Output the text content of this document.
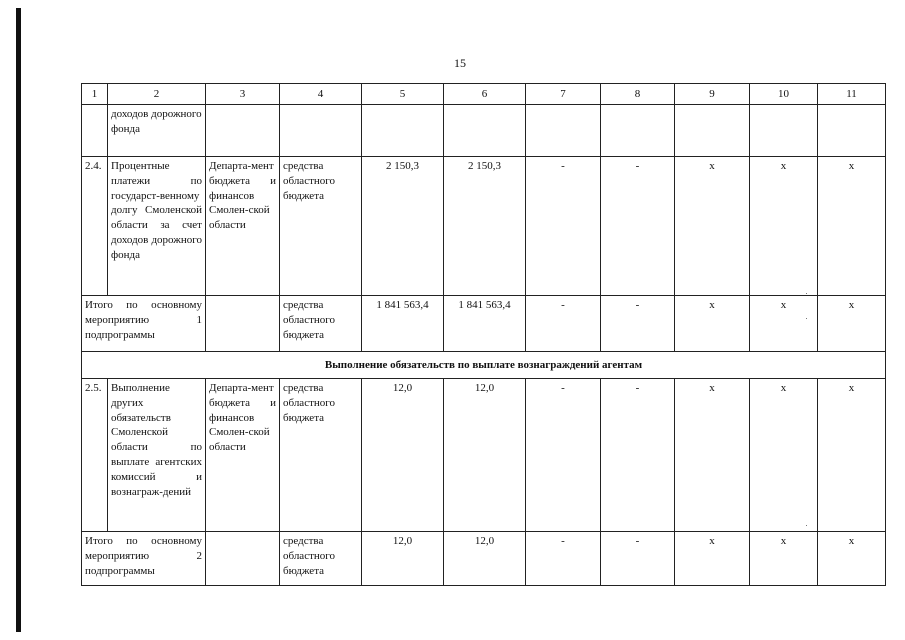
15
1	2	3	4	5	6	7	8	9	10	11
	доходов дорожного фонда									
2.4.	Процентные платежи по государст-венному долгу Смоленской области за счет доходов дорожного фонда	Департа-мент бюджета и финансов Смолен-ской области	средства областного бюджета	2 150,3	2 150,3	-	-	х	х	х
Итого по основному мероприятию 1 подпрограммы			средства областного бюджета	1 841 563,4	1 841 563,4	-	-	х	х	х
Выполнение обязательств по выплате вознаграждений агентам										
2.5.	Выполнение других обязательств Смоленской области по выплате агентских комиссий и вознаграж-дений	Департа-мент бюджета и финансов Смолен-ской области	средства областного бюджета	12,0	12,0	-	-	х	х	х
Итого по основному мероприятию 2 подпрограммы			средства областного бюджета	12,0	12,0	-	-	х	х	х
